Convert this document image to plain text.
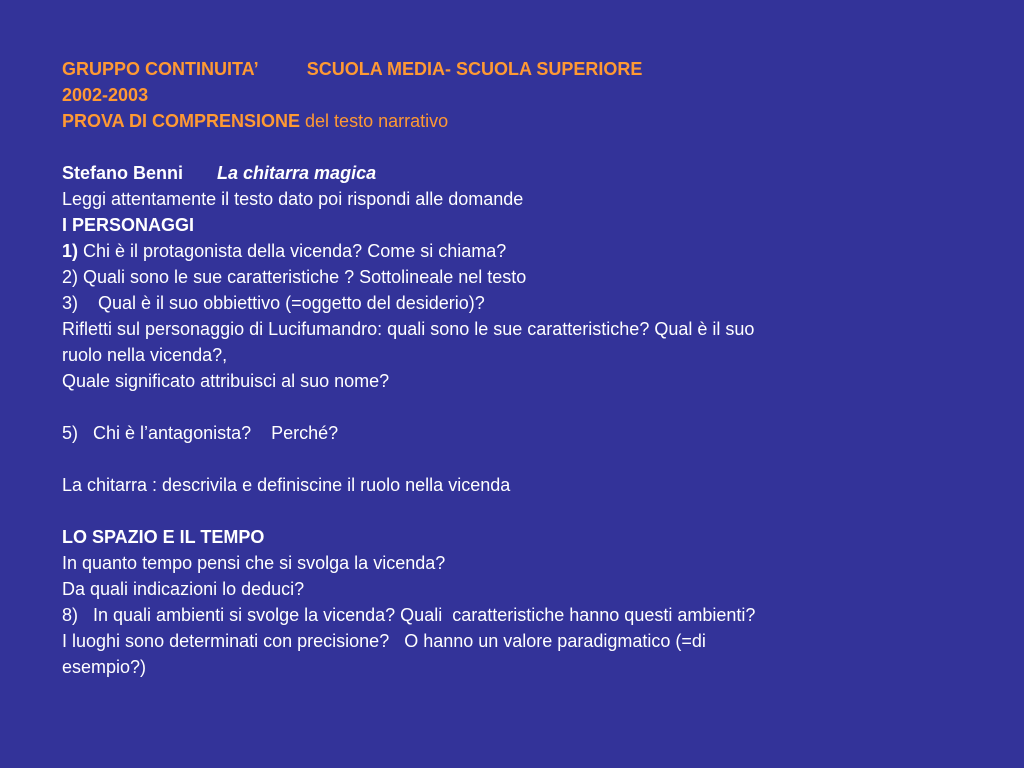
GRUPPO CONTINUITA’	SCUOLA MEDIA- SCUOLA SUPERIORE
2002-2003
PROVA DI COMPRENSIONE del testo narrativo
Stefano Benni La chitarra magica
Leggi attentamente il testo dato poi rispondi alle domande
I PERSONAGGI
1) Chi è il protagonista della vicenda? Come si chiama?
2) Quali sono le sue caratteristiche ? Sottolineale nel testo
3)    Qual è il suo obbiettivo (=oggetto del desiderio)?
Rifletti sul personaggio di Lucifumandro: quali sono le sue caratteristiche? Qual è il suo
ruolo nella vicenda?,
Quale significato attribuisci al suo nome?
5)   Chi è l’antagonista?    Perché?
La chitarra : descrivila e definiscine il ruolo nella vicenda
LO SPAZIO E IL TEMPO
In quanto tempo pensi che si svolga la vicenda?
Da quali indicazioni lo deduci?
8)   In quali ambienti si svolge la vicenda? Quali  caratteristiche hanno questi ambienti?
I luoghi sono determinati con precisione?   O hanno un valore paradigmatico (=di
esempio?)
